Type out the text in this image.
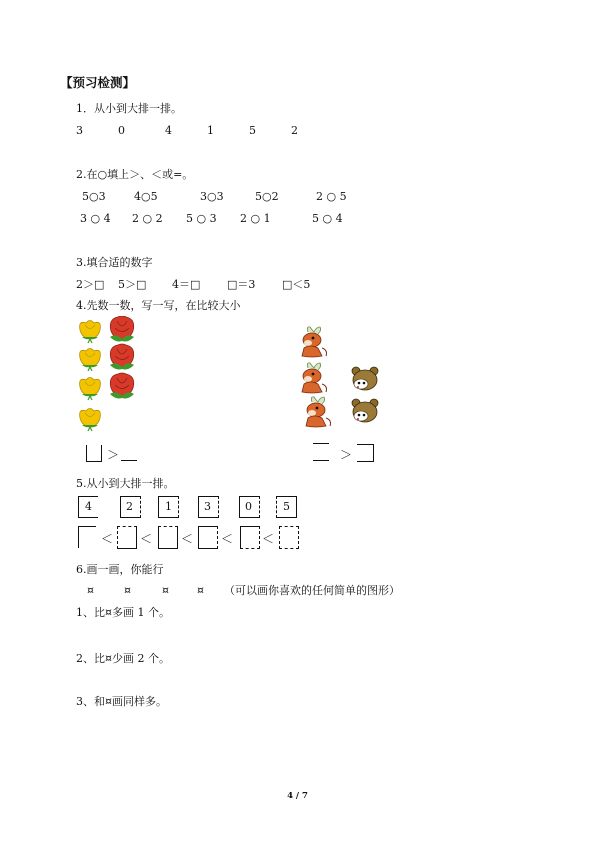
【预习检测】
1．从小到大排一排。
3	0	4	1	5	2
2.在○填上＞、＜或=。
5○3	4○5	3○3	5○2	2 ○ 5
3 ○ 4 2 ○ 2 5 ○ 3 2 ○ 1	5 ○ 4
3.填合适的数字
2＞□ 5＞□ 4＝□ □＝3 □＜5
4.先数一数，写一写，在比较大小
＞	＞
5.从小到大排一排。
4	2	1	3	0	5
＜ ＜ ＜ ＜ ＜
6.画一画，你能行
¤	¤	¤	¤ （可以画你喜欢的任何简单的图形）
1、比¤多画 1 个。
2、比¤少画 2 个。
3、和¤画同样多。
4 / 7
